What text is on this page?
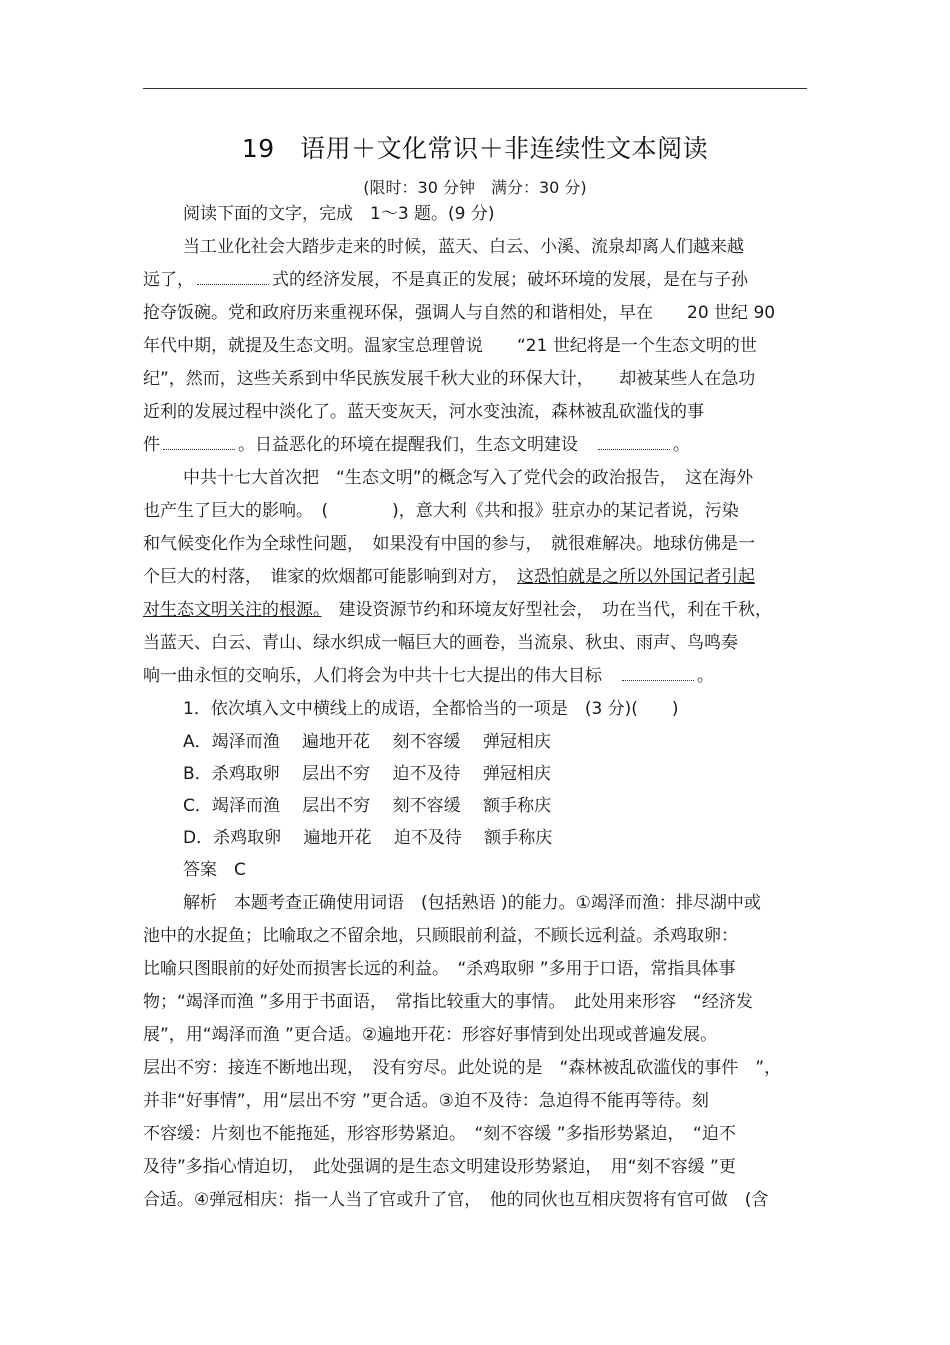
19　语用＋文化常识＋非连续性文本阅读
(限时：30 分钟　满分：30 分)
阅读下面的文字，完成　1～3 题。(9 分)
当工业化社会大踏步走来的时候，蓝天、白云、小溪、流泉却离人们越来越
远了，	式的经济发展，不是真正的发展；破坏环境的发展，是在与子孙
抢夺饭碗。党和政府历来重视环保，强调人与自然的和谐相处，早在　　20 世纪 90
年代中期，就提及生态文明。温家宝总理曾说　　“21 世纪将是一个生态文明的世
纪”，然而，这些关系到中华民族发展千秋大业的环保大计，　　却被某些人在急功
近利的发展过程中淡化了。蓝天变灰天，河水变浊流，森林被乱砍滥伐的事
件	。日益恶化的环境在提醒我们，生态文明建设　	。
中共十七大首次把　“生态文明”的概念写入了党代会的政治报告，　这在海外
也产生了巨大的影响。　(	)，意大利《共和报》驻京办的某记者说，污染
和气候变化作为全球性问题，　如果没有中国的参与，　就很难解决。地球仿佛是一
个巨大的村落，　谁家的炊烟都可能影响到对方，　这恐怕就是之所以外国记者引起
对生态文明关注的根源。　 建设资源节约和环境友好型社会，　功在当代，利在千秋，
当蓝天、白云、青山、绿水织成一幅巨大的画卷，当流泉、秋虫、雨声、鸟鸣奏
响一曲永恒的交响乐，人们将会为中共十七大提出的伟大目标　	。
1．依次填入文中横线上的成语，全都恰当的一项是　(3 分)(　　)
A．竭泽而渔　 遍地开花　 刻不容缓　 弹冠相庆
B．杀鸡取卵　 层出不穷　 迫不及待　 弹冠相庆
C．竭泽而渔　 层出不穷　 刻不容缓　 额手称庆
D．杀鸡取卵　 遍地开花　 迫不及待　 额手称庆
答案　C
解析　本题考查正确使用词语　(包括熟语 )的能力。①竭泽而渔：排尽湖中或
池中的水捉鱼；比喻取之不留余地，只顾眼前利益，不顾长远利益。杀鸡取卵：
比喻只图眼前的好处而损害长远的利益。　“杀鸡取卵 ”多用于口语，常指具体事
物；“竭泽而渔 ”多用于书面语，　常指比较重大的事情。　此处用来形容　“经济发
展”，用“竭泽而渔 ”更合适。②遍地开花：形容好事情到处出现或普遍发展。
层出不穷：接连不断地出现，　没有穷尽。此处说的是　“森林被乱砍滥伐的事件　”，
并非“好事情”，用“层出不穷 ”更合适。③迫不及待：急迫得不能再等待。刻
不容缓：片刻也不能拖延，形容形势紧迫。　“刻不容缓 ”多指形势紧迫，　“迫不
及待”多指心情迫切，　此处强调的是生态文明建设形势紧迫，　用“刻不容缓 ”更
合适。④弹冠相庆：指一人当了官或升了官，　他的同伙也互相庆贺将有官可做　(含
